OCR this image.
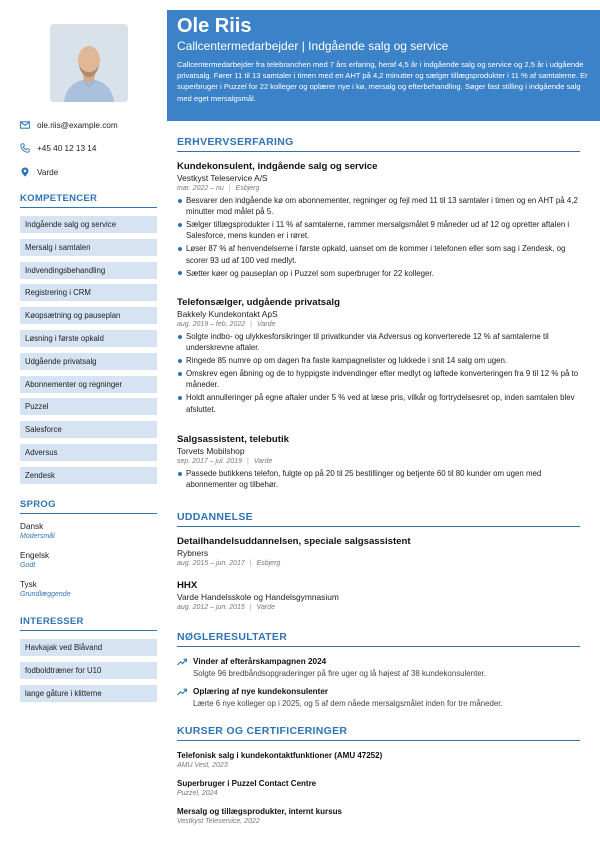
ole.riis@example.com
+45 40 12 13 14
Varde
KOMPETENCER
Indgående salg og service
Mersalg i samtalen
Indvendingsbehandling
Registrering i CRM
Køopsætning og pauseplan
Løsning i første opkald
Udgående privatsalg
Abonnementer og regninger
Puzzel
Salesforce
Adversus
Zendesk
SPROG
Dansk
Modersmål
Engelsk
Godt
Tysk
Grundlæggende
INTERESSER
Havkajak ved Blåvand
fodboldtræner for U10
lange gåture i klitterne
Ole Riis
Callcentermedarbejder | Indgående salg og service
Callcentermedarbejder fra telebranchen med 7 års erfaring, heraf 4,5 år i indgående salg og service og 2,5 år i udgående privatsalg. Fører 11 til 13 samtaler i timen med en AHT på 4,2 minutter og sælger tillægsprodukter i 11 % af samtalerne. Er superbruger i Puzzel for 22 kolleger og oplærer nye i kø, mersalg og efterbehandling. Søger fast stilling i indgående salg med eget mersalgsmål.
ERHVERVSERFARING
Kundekonsulent, indgående salg og service
Vestkyst Teleservice A/S
mar. 2022 – nu | Esbjerg
Besvarer den indgående kø om abonnementer, regninger og fejl med 11 til 13 samtaler i timen og en AHT på 4,2 minutter mod målet på 5.
Sælger tillægsprodukter i 11 % af samtalerne, rammer mersalgsmålet 9 måneder ud af 12 og opretter aftalen i Salesforce, mens kunden er i røret.
Løser 87 % af henvendelserne i første opkald, uanset om de kommer i telefonen eller som sag i Zendesk, og scorer 93 ud af 100 ved medlyt.
Sætter køer og pauseplan op i Puzzel som superbruger for 22 kolleger.
Telefonsælger, udgående privatsalg
Bakkely Kundekontakt ApS
aug. 2019 – feb. 2022 | Varde
Solgte indbo- og ulykkesforsikringer til privatkunder via Adversus og konverterede 12 % af samtalerne til underskrevne aftaler.
Ringede 85 numre op om dagen fra faste kampagnelister og lukkede i snit 14 salg om ugen.
Omskrev egen åbning og de to hyppigste indvendinger efter medlyt og løftede konverteringen fra 9 til 12 % på to måneder.
Holdt annulleringer på egne aftaler under 5 % ved at læse pris, vilkår og fortrydelsesret op, inden samtalen blev afsluttet.
Salgsassistent, telebutik
Torvets Mobilshop
sep. 2017 – jul. 2019 | Varde
Passede butikkens telefon, fulgte op på 20 til 25 bestillinger og betjente 60 til 80 kunder om ugen med abonnementer og tilbehør.
UDDANNELSE
Detailhandelsuddannelsen, speciale salgsassistent
Rybners
aug. 2015 – jun. 2017 | Esbjerg
HHX
Varde Handelsskole og Handelsgymnasium
aug. 2012 – jun. 2015 | Varde
NØGLERESULTATER
Vinder af efterårskampagnen 2024
Solgte 96 bredbåndsopgraderinger på fire uger og lå højest af 38 kundekonsulenter.
Oplæring af nye kundekonsulenter
Lærte 6 nye kolleger op i 2025, og 5 af dem nåede mersalgsmålet inden for tre måneder.
KURSER OG CERTIFICERINGER
Telefonisk salg i kundekontaktfunktioner (AMU 47252)
AMU Vest, 2023
Superbruger i Puzzel Contact Centre
Puzzel, 2024
Mersalg og tillægsprodukter, internt kursus
Vestkyst Teleservice, 2022
